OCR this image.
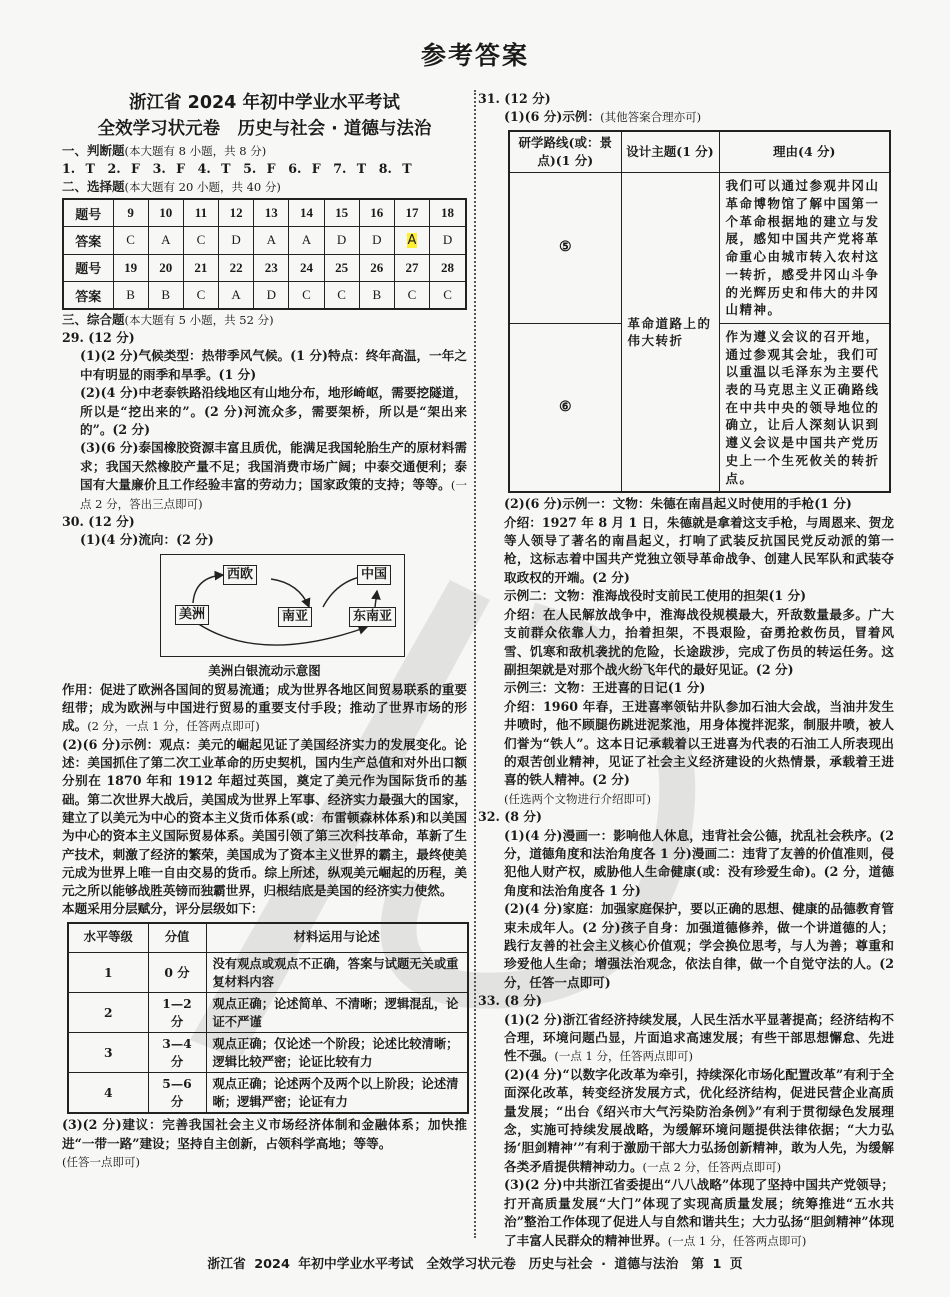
参考答案
浙江省 2024 年初中学业水平考试
全效学习状元卷　历史与社会 · 道德与法治
一、判断题(本大题有 8 小题，共 8 分)
1. T　2. F　3. F　4. T　5. F　6. F　7. T　8. T
二、选择题(本大题有 20 小题，共 40 分)
题号	9	10	11	12	13	14	15	16	17	18
答案	C	A	C	D	A	A	D	D	A	D
题号	19	20	21	22	23	24	25	26	27	28
答案	B	B	C	A	D	C	C	B	C	C
三、综合题(本大题有 5 小题，共 52 分)
29. (12 分)
(1)(2 分)气候类型：热带季风气候。(1 分)特点：终年高温，一年之中有明显的雨季和旱季。(1 分)
(2)(4 分)中老泰铁路沿线地区有山地分布，地形崎岖，需要挖隧道，所以是“挖出来的”。(2 分)河流众多，需要架桥，所以是“架出来的”。(2 分)
(3)(6 分)泰国橡胶资源丰富且质优，能满足我国轮胎生产的原材料需求；我国天然橡胶产量不足；我国消费市场广阔；中泰交通便利；泰国有大量廉价且工作经验丰富的劳动力；国家政策的支持；等等。(一点 2 分，答出三点即可)
30. (12 分)
(1)(4 分)流向：(2 分)
西欧	中国
美洲	南亚	东南亚
美洲白银流动示意图
作用：促进了欧洲各国间的贸易流通；成为世界各地区间贸易联系的重要纽带；成为欧洲与中国进行贸易的重要支付手段；推动了世界市场的形成。(2 分，一点 1 分，任答两点即可)
(2)(6 分)示例：观点：美元的崛起见证了美国经济实力的发展变化。论述：美国抓住了第二次工业革命的历史契机，国内生产总值和对外出口额分别在 1870 年和 1912 年超过英国，奠定了美元作为国际货币的基础。第二次世界大战后，美国成为世界上军事、经济实力最强大的国家，建立了以美元为中心的资本主义货币体系(或：布雷顿森林体系)和以美国为中心的资本主义国际贸易体系。美国引领了第三次科技革命，革新了生产技术，刺激了经济的繁荣，美国成为了资本主义世界的霸主，最终使美元成为世界上唯一自由交易的货币。综上所述，纵观美元崛起的历程，美元之所以能够战胜英镑而独霸世界，归根结底是美国的经济实力使然。
本题采用分层赋分，评分层级如下：
水平等级	分值	材料运用与论述
1	0 分	没有观点或观点不正确，答案与试题无关或重复材料内容
2	1—2 分	观点正确；论述简单、不清晰；逻辑混乱，论证不严谨
3	3—4 分	观点正确；仅论述一个阶段；论述比较清晰；逻辑比较严密；论证比较有力
4	5—6 分	观点正确；论述两个及两个以上阶段；论述清晰；逻辑严密；论证有力
(3)(2 分)建议：完善我国社会主义市场经济体制和金融体系；加快推进“一带一路”建设；坚持自主创新，占领科学高地；等等。
(任答一点即可)
31. (12 分)
(1)(6 分)示例：(其他答案合理亦可)
研学路线(或：景点)(1 分)	设计主题(1 分)	理由(4 分)
⑤	革命道路上的伟大转折	我们可以通过参观井冈山革命博物馆了解中国第一个革命根据地的建立与发展，感知中国共产党将革命重心由城市转入农村这一转折，感受井冈山斗争的光辉历史和伟大的井冈山精神。
⑥		作为遵义会议的召开地，通过参观其会址，我们可以重温以毛泽东为主要代表的马克思主义正确路线在中共中央的领导地位的确立，让后人深刻认识到遵义会议是中国共产党历史上一个生死攸关的转折点。
(2)(6 分)示例一：文物：朱德在南昌起义时使用的手枪(1 分)
介绍：1927 年 8 月 1 日，朱德就是拿着这支手枪，与周恩来、贺龙等人领导了著名的南昌起义，打响了武装反抗国民党反动派的第一枪，这标志着中国共产党独立领导革命战争、创建人民军队和武装夺取政权的开端。(2 分)
示例二：文物：淮海战役时支前民工使用的担架(1 分)
介绍：在人民解放战争中，淮海战役规模最大，歼敌数量最多。广大支前群众依靠人力，抬着担架，不畏艰险，奋勇抢救伤员，冒着风雪、饥寒和敌机袭扰的危险，长途跋涉，完成了伤员的转运任务。这副担架就是对那个战火纷飞年代的最好见证。(2 分)
示例三：文物：王进喜的日记(1 分)
介绍：1960 年春，王进喜率领钻井队参加石油大会战，当油井发生井喷时，他不顾腿伤跳进泥浆池，用身体搅拌泥浆，制服井喷，被人们誉为“铁人”。这本日记承载着以王进喜为代表的石油工人所表现出的艰苦创业精神，见证了社会主义经济建设的火热情景，承载着王进喜的铁人精神。(2 分)
(任选两个文物进行介绍即可)
32. (8 分)
(1)(4 分)漫画一：影响他人休息，违背社会公德，扰乱社会秩序。(2 分，道德角度和法治角度各 1 分)漫画二：违背了友善的价值准则，侵犯他人财产权，威胁他人生命健康(或：没有珍爱生命)。(2 分，道德角度和法治角度各 1 分)
(2)(4 分)家庭：加强家庭保护，要以正确的思想、健康的品德教育管束未成年人。(2 分)孩子自身：加强道德修养，做一个讲道德的人；践行友善的社会主义核心价值观；学会换位思考，与人为善；尊重和珍爱他人生命；增强法治观念，依法自律，做一个自觉守法的人。(2 分，任答一点即可)
33. (8 分)
(1)(2 分)浙江省经济持续发展，人民生活水平显著提高；经济结构不合理，环境问题凸显，片面追求高速发展；有些干部思想懈怠、先进性不强。(一点 1 分，任答两点即可)
(2)(4 分)“以数字化改革为牵引，持续深化市场化配置改革”有利于全面深化改革，转变经济发展方式，优化经济结构，促进民营企业高质量发展；“出台《绍兴市大气污染防治条例》”有利于贯彻绿色发展理念，实施可持续发展战略，为缓解环境问题提供法律依据；“大力弘扬‘胆剑精神’”有利于激励干部大力弘扬创新精神，敢为人先，为缓解各类矛盾提供精神动力。(一点 2 分，任答两点即可)
(3)(2 分)中共浙江省委提出“八八战略”体现了坚持中国共产党领导；打开高质量发展“大门”体现了实现高质量发展；统筹推进“五水共治”整治工作体现了促进人与自然和谐共生；大力弘扬“胆剑精神”体现了丰富人民群众的精神世界。(一点 1 分，任答两点即可)
浙江省 2024 年初中学业水平考试　全效学习状元卷　历史与社会 · 道德与法治　第 1 页
